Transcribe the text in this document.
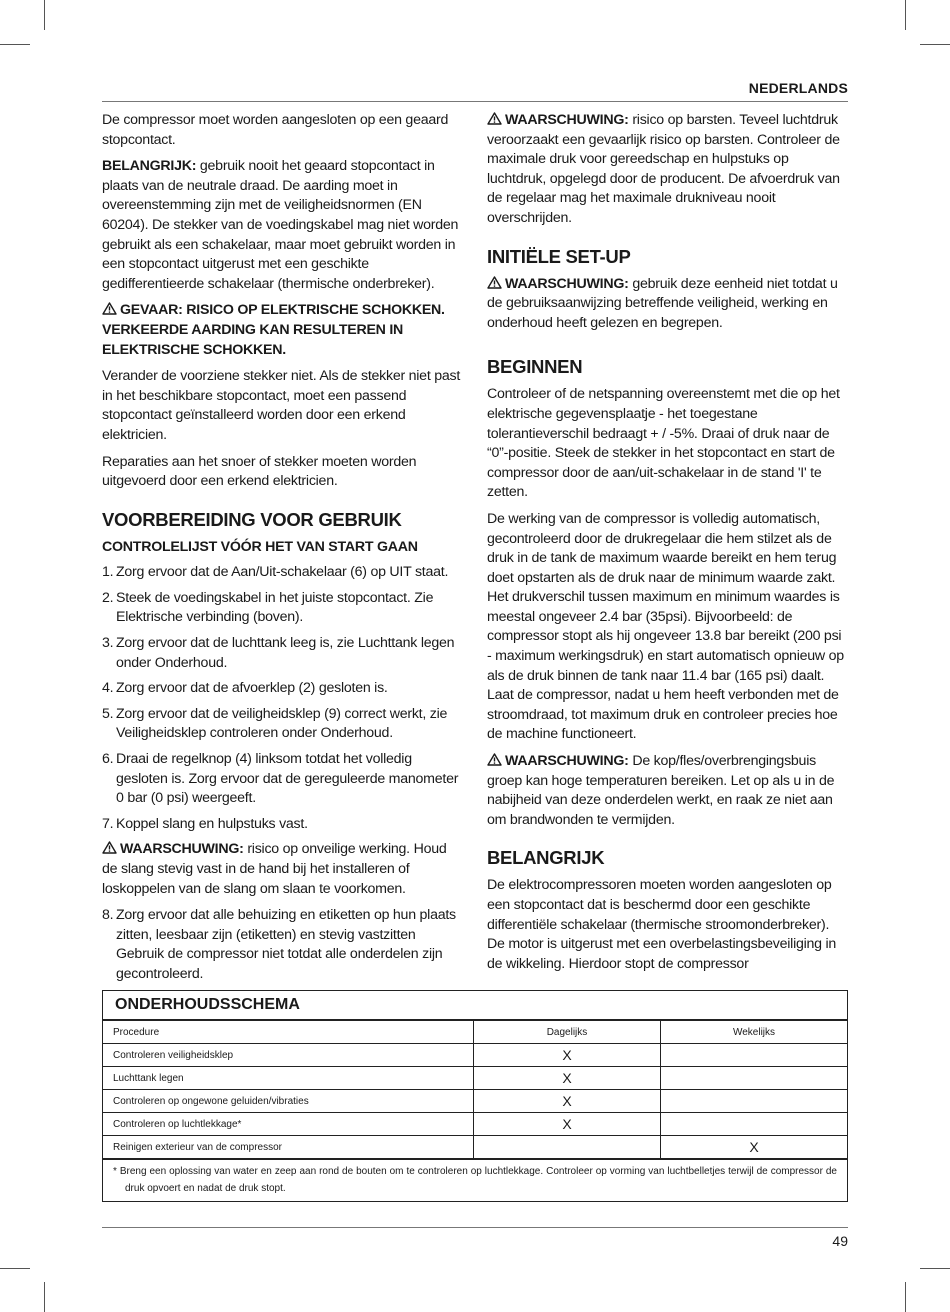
NEDERLANDS

De compressor moet worden aangesloten op een geaard stopcontact.

BELANGRIJK: gebruik nooit het geaard stopcontact in plaats van de neutrale draad. De aarding moet in overeenstemming zijn met de veiligheidsnormen (EN 60204). De stekker van de voedingskabel mag niet worden gebruikt als een schakelaar, maar moet gebruikt worden in een stopcontact uitgerust met een geschikte gedifferentieerde schakelaar (thermische onderbreker).

GEVAAR: RISICO OP ELEKTRISCHE SCHOKKEN. VERKEERDE AARDING KAN RESULTEREN IN ELEKTRISCHE SCHOKKEN.

Verander de voorziene stekker niet. Als de stekker niet past in het beschikbare stopcontact, moet een passend stopcontact geïnstalleerd worden door een erkend elektricien.

Reparaties aan het snoer of stekker moeten worden uitgevoerd door een erkend elektricien.

VOORBEREIDING VOOR GEBRUIK
CONTROLELIJST VÓÓR HET VAN START GAAN
1. Zorg ervoor dat de Aan/Uit-schakelaar (6) op UIT staat.
2. Steek de voedingskabel in het juiste stopcontact. Zie Elektrische verbinding (boven).
3. Zorg ervoor dat de luchttank leeg is, zie Luchttank legen onder Onderhoud.
4. Zorg ervoor dat de afvoerklep (2) gesloten is.
5. Zorg ervoor dat de veiligheidsklep (9) correct werkt, zie Veiligheidsklep controleren onder Onderhoud.
6. Draai de regelknop (4) linksom totdat het volledig gesloten is. Zorg ervoor dat de gereguleerde manometer 0 bar (0 psi) weergeeft.
7. Koppel slang en hulpstuks vast.

WAARSCHUWING: risico op onveilige werking. Houd de slang stevig vast in de hand bij het installeren of loskoppelen van de slang om slaan te voorkomen.

8. Zorg ervoor dat alle behuizing en etiketten op hun plaats zitten, leesbaar zijn (etiketten) en stevig vastzitten Gebruik de compressor niet totdat alle onderdelen zijn gecontroleerd.

WAARSCHUWING: risico op barsten. Teveel luchtdruk veroorzaakt een gevaarlijk risico op barsten. Controleer de maximale druk voor gereedschap en hulpstuks op luchtdruk, opgelegd door de producent. De afvoerdruk van de regelaar mag het maximale drukniveau nooit overschrijden.

INITIËLE SET-UP

WAARSCHUWING: gebruik deze eenheid niet totdat u de gebruiksaanwijzing betreffende veiligheid, werking en onderhoud heeft gelezen en begrepen.

BEGINNEN

Controleer of de netspanning overeenstemt met die op het elektrische gegevensplaatje - het toegestane tolerantieverschil bedraagt + / -5%. Draai of druk naar de “0”-positie. Steek de stekker in het stopcontact en start de compressor door de aan/uit-schakelaar in de stand 'I' te zetten.

De werking van de compressor is volledig automatisch, gecontroleerd door de drukregelaar die hem stilzet als de druk in de tank de maximum waarde bereikt en hem terug doet opstarten als de druk naar de minimum waarde zakt. Het drukverschil tussen maximum en minimum waardes is meestal ongeveer 2.4 bar (35psi). Bijvoorbeeld: de compressor stopt als hij ongeveer 13.8 bar bereikt (200 psi - maximum werkingsdruk) en start automatisch opnieuw op als de druk binnen de tank naar 11.4 bar (165 psi) daalt. Laat de compressor, nadat u hem heeft verbonden met de stroomdraad, tot maximum druk en controleer precies hoe de machine functioneert.

WAARSCHUWING: De kop/fles/overbrengingsbuis groep kan hoge temperaturen bereiken. Let op als u in de nabijheid van deze onderdelen werkt, en raak ze niet aan om brandwonden te vermijden.

BELANGRIJK

De elektrocompressoren moeten worden aangesloten op een stopcontact dat is beschermd door een geschikte differentiële schakelaar (thermische stroomonderbreker). De motor is uitgerust met een overbelastingsbeveiliging in de wikkeling. Hierdoor stopt de compressor

ONDERHOUDSSCHEMA
Procedure	Dagelijks	Wekelijks
Controleren veiligheidsklep	X	
Luchttank legen	X	
Controleren op ongewone geluiden/vibraties	X	
Controleren op luchtlekkage*	X	
Reinigen exterieur van de compressor		X
* Breng een oplossing van water en zeep aan rond de bouten om te controleren op luchtlekkage. Controleer op vorming van luchtbelletjes terwijl de compressor de druk opvoert en nadat de druk stopt.
49
